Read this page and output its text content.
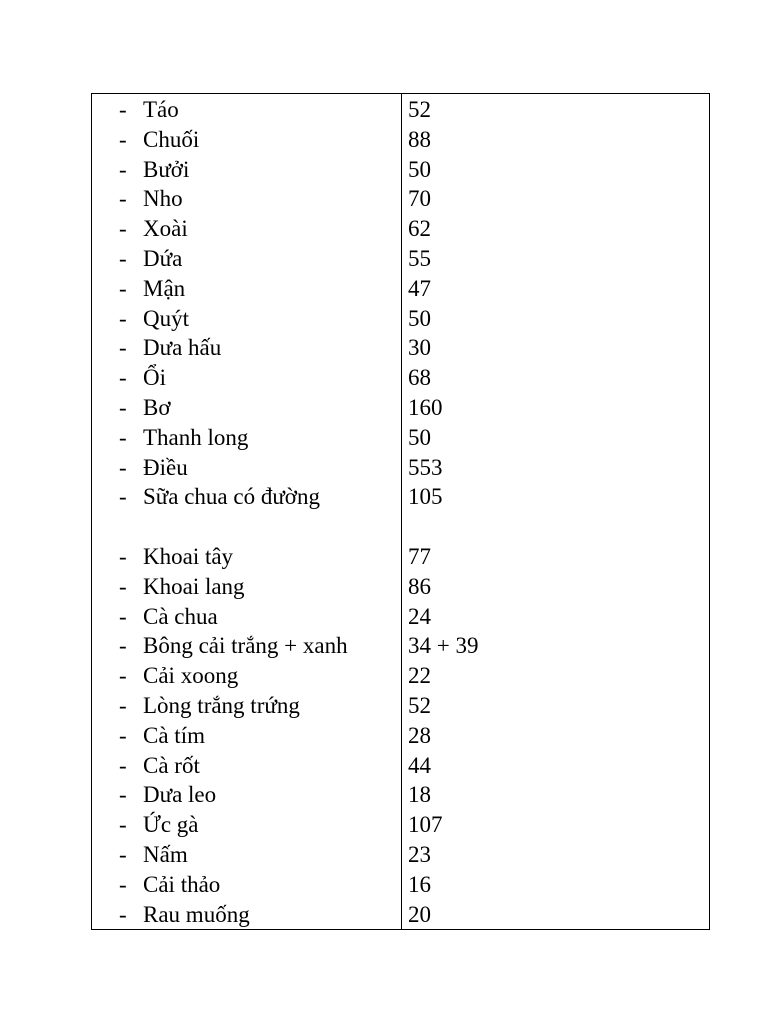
- Táo
- Chuối
- Bưởi
- Nho
- Xoài
- Dứa
- Mận
- Quýt
- Dưa hấu
- Ổi
- Bơ
- Thanh long
- Điều
- Sữa chua có đường
- Khoai tây
- Khoai lang
- Cà chua
- Bông cải trắng + xanh
- Cải xoong
- Lòng trắng trứng
- Cà tím
- Cà rốt
- Dưa leo
- Ức gà
- Nấm
- Cải thảo
- Rau muống
52
88
50
70
62
55
47
50
30
68
160
50
553
105
77
86
24
34 + 39
22
52
28
44
18
107
23
16
20
